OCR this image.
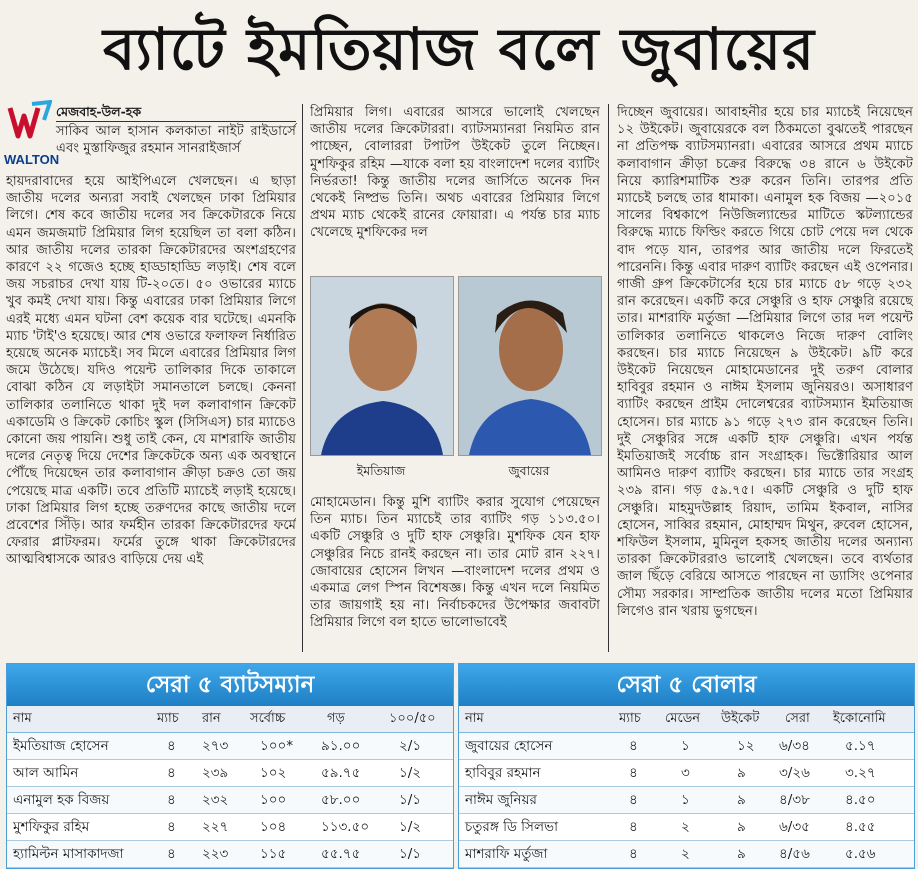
ব্যাটে ইমতিয়াজ বলে জুবায়ের
WALTON
মেজবাহ-উল-হক
সাকিব আল হাসান কলকাতা নাইট রাইডার্সে এবং মুস্তাফিজুর রহমান সানরাইজার্স
হায়দরাবাদের হয়ে আইপিএলে খেলছেন। এ ছাড়া জাতীয় দলের অন্যরা সবাই খেলছেন ঢাকা প্রিমিয়ার লিগে। শেষ কবে জাতীয় দলের সব ক্রিকেটারকে নিয়ে এমন জমজমাট প্রিমিয়ার লিগ হয়েছিল তা বলা কঠিন। আর জাতীয় দলের তারকা ক্রিকেটারদের অংশগ্রহণের কারণে ২২ গজেও হচ্ছে হাড্ডাহাড্ডি লড়াই। শেষ বলে জয় সচরাচর দেখা যায় টি-২০তে। ৫০ ওভারের ম্যাচে খুব কমই দেখা যায়। কিন্তু এবারের ঢাকা প্রিমিয়ার লিগে এরই মধ্যে এমন ঘটনা বেশ কয়েক বার ঘটেছে। এমনকি ম্যাচ 'টাই'ও হয়েছে। আর শেষ ওভারে ফলাফল নির্ধারিত হয়েছে অনেক ম্যাচেই। সব মিলে এবারের প্রিমিয়ার লিগ জমে উঠেছে। যদিও পয়েন্ট তালিকার দিকে তাকালে বোঝা কঠিন যে লড়াইটা সমানতালে চলছে। কেননা তালিকার তলানিতে থাকা দুই দল কলাবাগান ক্রিকেট একাডেমি ও ক্রিকেট কোচিং স্কুল (সিসিএস) চার ম্যাচেও কোনো জয় পায়নি। শুধু তাই কেন, যে মাশরাফি জাতীয় দলের নেতৃত্ব দিয়ে দেশের ক্রিকেটকে অন্য এক অবস্থানে পৌঁছে দিয়েছেন তার কলাবাগান ক্রীড়া চক্রও তো জয় পেয়েছে মাত্র একটি। তবে প্রতিটি ম্যাচেই লড়াই হয়েছে। ঢাকা প্রিমিয়ার লিগ হচ্ছে তরুণদের কাছে জাতীয় দলে প্রবেশের সিঁড়ি। আর ফর্মহীন তারকা ক্রিকেটারদের ফর্মে ফেরার প্লাটফরম। ফর্মের তুঙ্গে থাকা ক্রিকেটারদের আত্মবিশ্বাসকে আরও বাড়িয়ে দেয় এই
প্রিমিয়ার লিগ। এবারের আসরে ভালোই খেলছেন জাতীয় দলের ক্রিকেটাররা। ব্যাটসম্যানরা নিয়মিত রান পাচ্ছেন, বোলাররা টপাটপ উইকেট তুলে নিচ্ছেন। মুশফিকুর রহিম —যাকে বলা হয় বাংলাদেশ দলের ব্যাটিং নির্ভরতা! কিন্তু জাতীয় দলের জার্সিতে অনেক দিন থেকেই নিষ্প্রভ তিনি। অথচ এবারের প্রিমিয়ার লিগে প্রথম ম্যাচ থেকেই রানের ফোয়ারা। এ পর্যন্ত চার ম্যাচ খেলেছে মুশফিকের দল
ইমতিয়াজ	জুবায়ের
মোহামেডান। কিন্তু মুশি ব্যাটিং করার সুযোগ পেয়েছেন তিন ম্যাচ। তিন ম্যাচেই তার ব্যাটিং গড় ১১৩.৫০। একটি সেঞ্চুরি ও দুটি হাফ সেঞ্চুরি। মুশফিক যেন হাফ সেঞ্চুরির নিচে রানই করছেন না। তার মোট রান ২২৭। জোবায়ের হোসেন লিখন —বাংলাদেশ দলের প্রথম ও একমাত্র লেগ স্পিন বিশেষজ্ঞ। কিন্তু এখন দলে নিয়মিত তার জায়গাই হয় না। নির্বাচকদের উপেক্ষার জবাবটা প্রিমিয়ার লিগে বল হাতে ভালোভাবেই
দিচ্ছেন জুবায়ের। আবাহনীর হয়ে চার ম্যাচেই নিয়েছেন ১২ উইকেট। জুবায়েরকে বল ঠিকমতো বুঝতেই পারছেন না প্রতিপক্ষ ব্যাটসম্যানরা। এবারের আসরে প্রথম ম্যাচে কলাবাগান ক্রীড়া চক্রের বিরুদ্ধে ৩৪ রানে ৬ উইকেট নিয়ে ক্যারিশমাটিক শুরু করেন তিনি। তারপর প্রতি ম্যাচেই চলছে তার ধামাকা। এনামুল হক বিজয় —২০১৫ সালের বিশ্বকাপে নিউজিল্যান্ডের মাটিতে স্কটল্যান্ডের বিরুদ্ধে ম্যাচে ফিল্ডিং করতে গিয়ে চোট পেয়ে দল থেকে বাদ পড়ে যান, তারপর আর জাতীয় দলে ফিরতেই পারেননি। কিন্তু এবার দারুণ ব্যাটিং করছেন এই ওপেনার। গাজী গ্রুপ ক্রিকেটার্সের হয়ে চার ম্যাচে ৫৮ গড়ে ২৩২ রান করেছেন। একটি করে সেঞ্চুরি ও হাফ সেঞ্চুরি রয়েছে তার। মাশরাফি মর্তুজা —প্রিমিয়ার লিগে তার দল পয়েন্ট তালিকার তলানিতে থাকলেও নিজে দারুণ বোলিং করছেন। চার ম্যাচে নিয়েছেন ৯ উইকেট। ৯টি করে উইকেট নিয়েছেন মোহামেডানের দুই তরুণ বোলার হাবিবুর রহমান ও নাঈম ইসলাম জুনিয়রও। অসাধারণ ব্যাটিং করছেন প্রাইম দোলেশ্বরের ব্যাটসম্যান ইমতিয়াজ হোসেন। চার ম্যাচে ৯১ গড়ে ২৭৩ রান করেছেন তিনি। দুই সেঞ্চুরির সঙ্গে একটি হাফ সেঞ্চুরি। এখন পর্যন্ত ইমতিয়াজই সর্বোচ্চ রান সংগ্রাহক। ভিক্টোরিয়ার আল আমিনও দারুণ ব্যাটিং করছেন। চার ম্যাচে তার সংগ্রহ ২৩৯ রান। গড় ৫৯.৭৫। একটি সেঞ্চুরি ও দুটি হাফ সেঞ্চুরি। মাহমুদউল্লাহ রিয়াদ, তামিম ইকবাল, নাসির হোসেন, সাব্বির রহমান, মোহাম্মদ মিথুন, রুবেল হোসেন, শফিউল ইসলাম, মুমিনুল হকসহ জাতীয় দলের অন্যান্য তারকা ক্রিকেটাররাও ভালোই খেলছেন। তবে ব্যর্থতার জাল ছিঁড়ে বেরিয়ে আসতে পারছেন না ড্যাসিং ওপেনার সৌম্য সরকার। সাম্প্রতিক জাতীয় দলের মতো প্রিমিয়ার লিগেও রান খরায় ভুগছেন।
সেরা ৫ ব্যাটসম্যান
নাম	ম্যাচ রান সর্বোচ্চ	গড়	১০০/৫০
ইমতিয়াজ হোসেন	৪ ২৭৩ ১০০* ৯১.০০	২/১
আল আমিন	৪ ২৩৯ ১০২	৫৯.৭৫	১/২
এনামুল হক বিজয়	৪ ২৩২ ১০০	৫৮.০০	১/১
মুশফিকুর রহিম	৪ ২২৭ ১০৪	১১৩.৫০ ১/২
হ্যামিল্টন মাসাকাদজা	৪ ২২৩ ১১৫	৫৫.৭৫	১/১
সেরা ৫ বোলার
নাম	ম্যাচ মেডেন উইকেট সেরা ইকোনোমি
জুবায়ের হোসেন	৪	১	১২ ৬/৩৪	৫.১৭
হাবিবুর রহমান	৪	৩	৯ ৩/২৬	৩.২৭
নাঈম জুনিয়র	৪	১	৯ ৪/৩৮	৪.৫০
চতুরঙ্গ ডি সিলভা	৪	২	৯ ৬/৩৫	৪.৫৫
মাশরাফি মর্তুজা	৪	২	৯ ৪/৫৬	৫.৫৬
